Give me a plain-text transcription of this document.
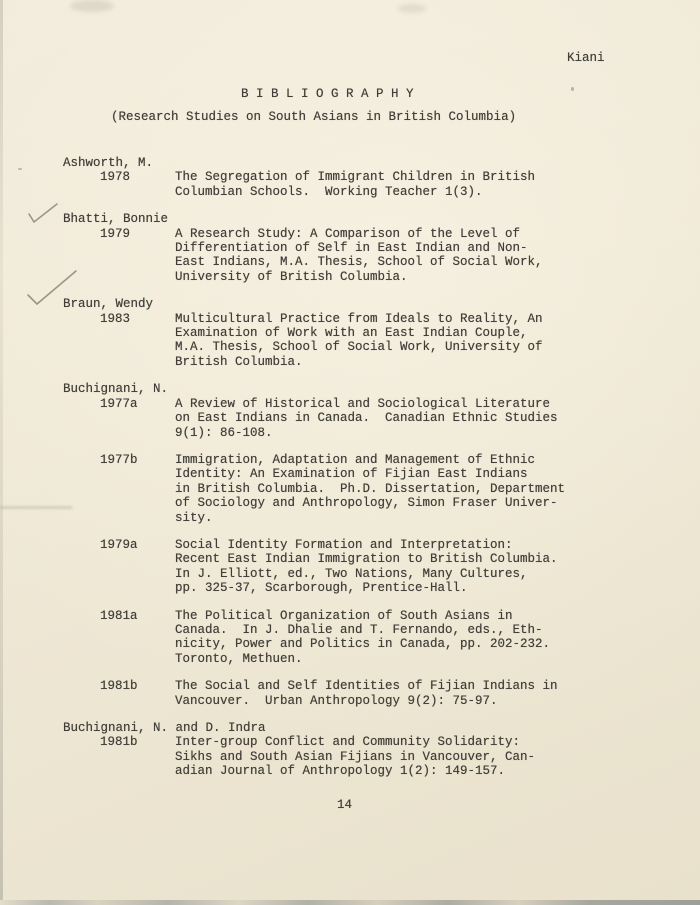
Kiani
B I B L I O G R A P H Y
(Research Studies on South Asians in British Columbia)
Ashworth, M.
1978	The Segregation of Immigrant Children in British
Columbian Schools.  Working Teacher 1(3).
Bhatti, Bonnie
1979	A Research Study: A Comparison of the Level of
Differentiation of Self in East Indian and Non-
East Indians, M.A. Thesis, School of Social Work,
University of British Columbia.
Braun, Wendy
1983	Multicultural Practice from Ideals to Reality, An
Examination of Work with an East Indian Couple,
M.A. Thesis, School of Social Work, University of
British Columbia.
Buchignani, N.
1977a	A Review of Historical and Sociological Literature
on East Indians in Canada.  Canadian Ethnic Studies
9(1): 86-108.
1977b	Immigration, Adaptation and Management of Ethnic
Identity: An Examination of Fijian East Indians
in British Columbia.  Ph.D. Dissertation, Department
of Sociology and Anthropology, Simon Fraser Univer-
sity.
1979a	Social Identity Formation and Interpretation:
Recent East Indian Immigration to British Columbia.
In J. Elliott, ed., Two Nations, Many Cultures,
pp. 325-37, Scarborough, Prentice-Hall.
1981a	The Political Organization of South Asians in
Canada.  In J. Dhalie and T. Fernando, eds., Eth-
nicity, Power and Politics in Canada, pp. 202-232.
Toronto, Methuen.
1981b	The Social and Self Identities of Fijian Indians in
Vancouver.  Urban Anthropology 9(2): 75-97.
Buchignani, N. and D. Indra
1981b	Inter-group Conflict and Community Solidarity:
Sikhs and South Asian Fijians in Vancouver, Can-
adian Journal of Anthropology 1(2): 149-157.
14
